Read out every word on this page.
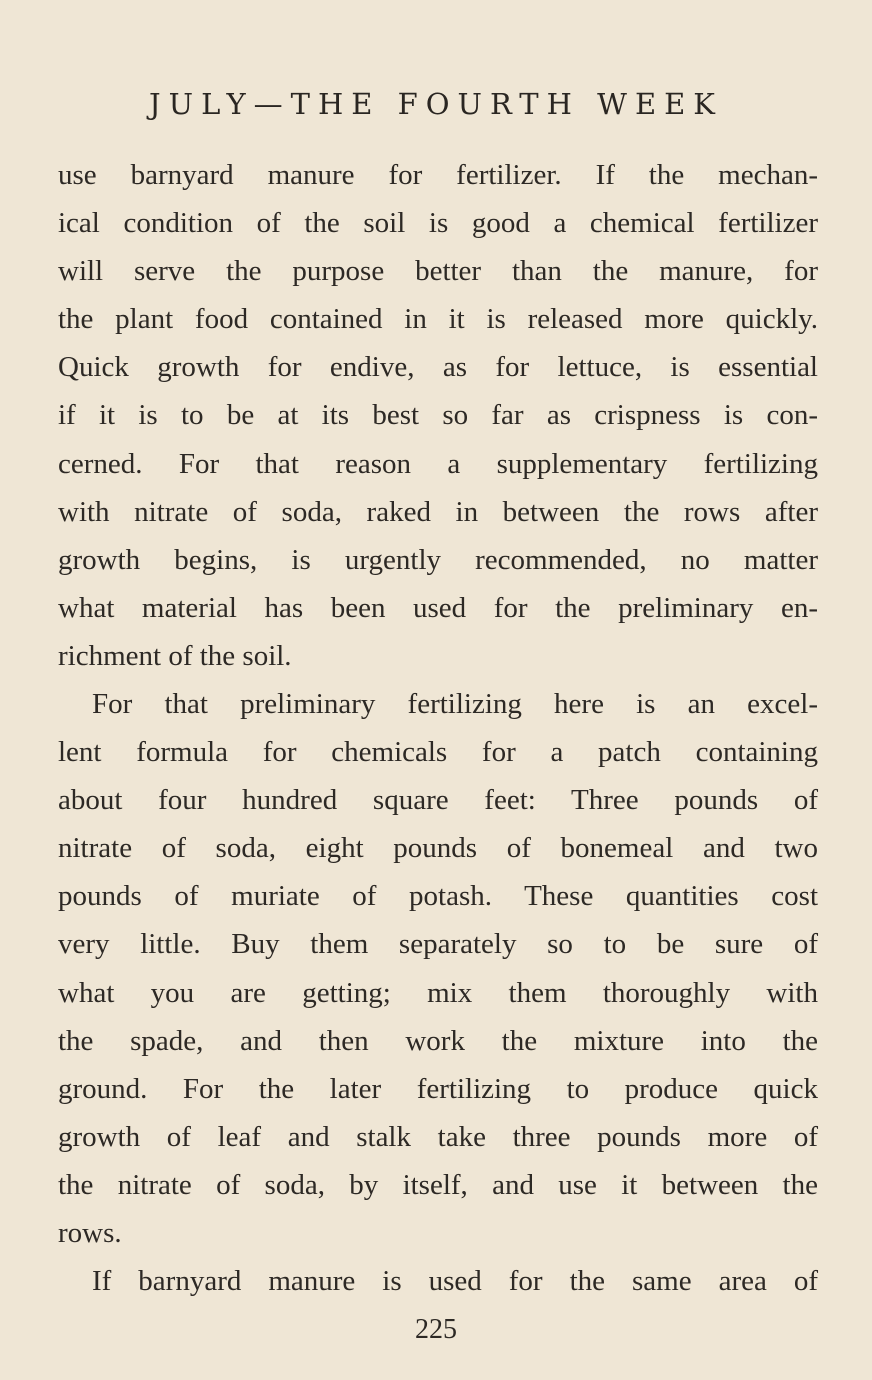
JULY—THE FOURTH WEEK
use barnyard manure for fertilizer. If the mechan-
ical condition of the soil is good a chemical fertilizer
will serve the purpose better than the manure, for
the plant food contained in it is released more quickly.
Quick growth for endive, as for lettuce, is essential
if it is to be at its best so far as crispness is con-
cerned. For that reason a supplementary fertilizing
with nitrate of soda, raked in between the rows after
growth begins, is urgently recommended, no matter
what material has been used for the preliminary en-
richment of the soil.
For that preliminary fertilizing here is an excel-
lent formula for chemicals for a patch containing
about four hundred square feet: Three pounds of
nitrate of soda, eight pounds of bonemeal and two
pounds of muriate of potash. These quantities cost
very little. Buy them separately so to be sure of
what you are getting; mix them thoroughly with
the spade, and then work the mixture into the
ground. For the later fertilizing to produce quick
growth of leaf and stalk take three pounds more of
the nitrate of soda, by itself, and use it between the
rows.
If barnyard manure is used for the same area of
225
